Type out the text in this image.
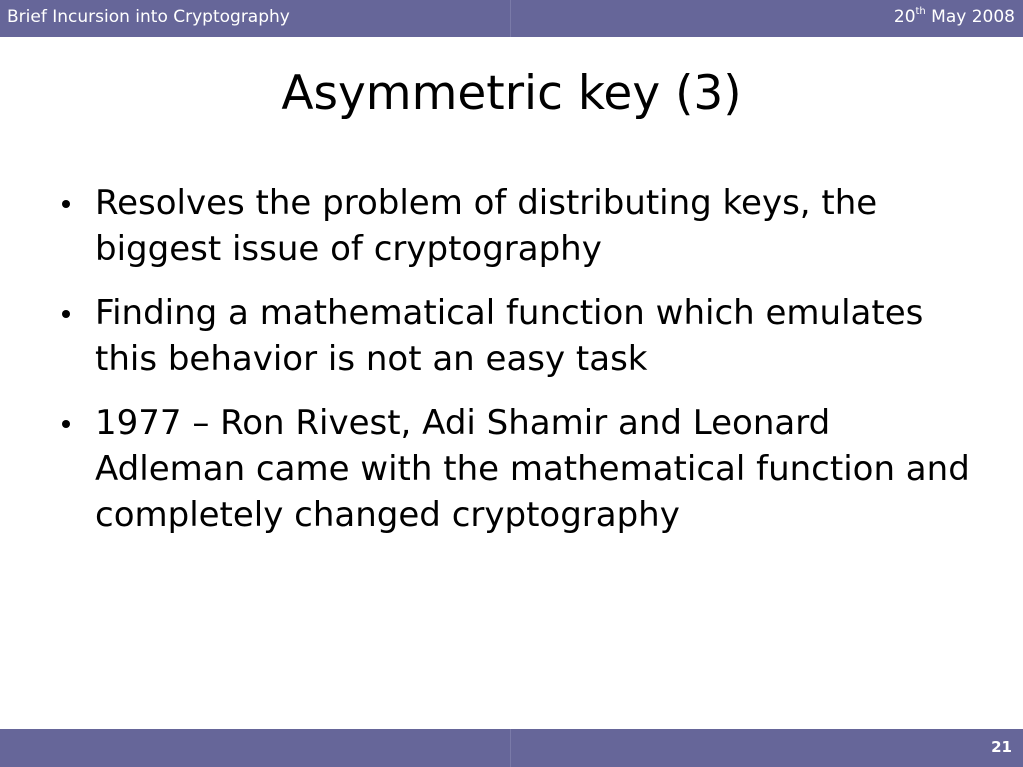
Brief Incursion into Cryptography	20th May 2008
Asymmetric key (3)
Resolves the problem of distributing keys, the biggest issue of cryptography
Finding a mathematical function which emulates this behavior is not an easy task
1977 – Ron Rivest, Adi Shamir and Leonard Adleman came with the mathematical function and completely changed cryptography
21
